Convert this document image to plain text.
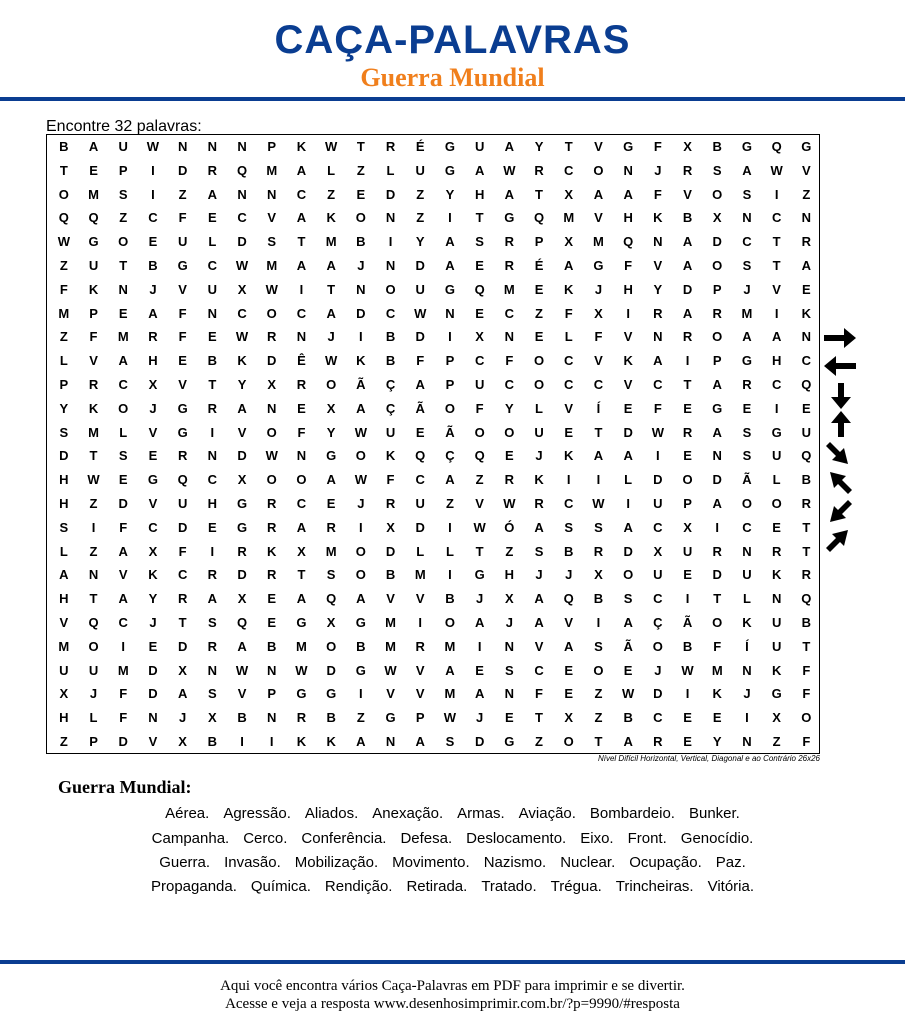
CAÇA-PALAVRAS
Guerra Mundial
Encontre 32 palavras:
B	A	U	W	N	N	N	P	K	W	T	R	É	G	U	A	Y	T	V	G	F	X	B	G	Q	G
T	E	P	I	D	R	Q	M	A	L	Z	L	U	G	A	W	R	C	O	N	J	R	S	A	W	V
O	M	S	I	Z	A	N	N	C	Z	E	D	Z	Y	H	A	T	X	A	A	F	V	O	S	I	Z
Q	Q	Z	C	F	E	C	V	A	K	O	N	Z	I	T	G	Q	M	V	H	K	B	X	N	C	N
W	G	O	E	U	L	D	S	T	M	B	I	Y	A	S	R	P	X	M	Q	N	A	D	C	T	R
Z	U	T	B	G	C	W	M	A	A	J	N	D	A	E	R	É	A	G	F	V	A	O	S	T	A
F	K	N	J	V	U	X	W	I	T	N	O	U	G	Q	M	E	K	J	H	Y	D	P	J	V	E
M	P	E	A	F	N	C	O	C	A	D	C	W	N	E	C	Z	F	X	I	R	A	R	M	I	K
Z	F	M	R	F	E	W	R	N	J	I	B	D	I	X	N	E	L	F	V	N	R	O	A	A	N
L	V	A	H	E	B	K	D	Ê	W	K	B	F	P	C	F	O	C	V	K	A	I	P	G	H	C
P	R	C	X	V	T	Y	X	R	O	Ã	Ç	A	P	U	C	O	C	C	V	C	T	A	R	C	Q
Y	K	O	J	G	R	A	N	E	X	A	Ç	Ã	O	F	Y	L	V	Í	E	F	E	G	E	I	E
S	M	L	V	G	I	V	O	F	Y	W	U	E	Ã	O	O	U	E	T	D	W	R	A	S	G	U
D	T	S	E	R	N	D	W	N	G	O	K	Q	Ç	Q	E	J	K	A	A	I	E	N	S	U	Q
H	W	E	G	Q	C	X	O	O	A	W	F	C	A	Z	R	K	I	I	L	D	O	D	Ã	L	B
H	Z	D	V	U	H	G	R	C	E	J	R	U	Z	V	W	R	C	W	I	U	P	A	O	O	R
S	I	F	C	D	E	G	R	A	R	I	X	D	I	W	Ó	A	S	S	A	C	X	I	C	E	T
L	Z	A	X	F	I	R	K	X	M	O	D	L	L	T	Z	S	B	R	D	X	U	R	N	R	T
A	N	V	K	C	R	D	R	T	S	O	B	M	I	G	H	J	J	X	O	U	E	D	U	K	R
H	T	A	Y	R	A	X	E	A	Q	A	V	V	B	J	X	A	Q	B	S	C	I	T	L	N	Q
V	Q	C	J	T	S	Q	E	G	X	G	M	I	O	A	J	A	V	I	A	Ç	Ã	O	K	U	B
M	O	I	E	D	R	A	B	M	O	B	M	R	M	I	N	V	A	S	Ã	O	B	F	Í	U	T
U	U	M	D	X	N	W	N	W	D	G	W	V	A	E	S	C	E	O	E	J	W	M	N	K	F
X	J	F	D	A	S	V	P	G	G	I	V	V	M	A	N	F	E	Z	W	D	I	K	J	G	F
H	L	F	N	J	X	B	N	R	B	Z	G	P	W	J	E	T	X	Z	B	C	E	E	I	X	O
Z	P	D	V	X	B	I	I	K	K	A	N	A	S	D	G	Z	O	T	A	R	E	Y	N	Z	F
Nível Difícil Horizontal, Vertical, Diagonal e ao Contrário 26x26
Guerra Mundial:
Aérea. Agressão. Aliados. Anexação. Armas. Aviação. Bombardeio. Bunker.
Campanha. Cerco. Conferência. Defesa. Deslocamento. Eixo. Front. Genocídio.
Guerra. Invasão. Mobilização. Movimento. Nazismo. Nuclear. Ocupação. Paz.
Propaganda. Química. Rendição. Retirada. Tratado. Trégua. Trincheiras. Vitória.
Aqui você encontra vários Caça-Palavras em PDF para imprimir e se divertir.
Acesse e veja a resposta www.desenhosimprimir.com.br/?p=9990/#resposta
